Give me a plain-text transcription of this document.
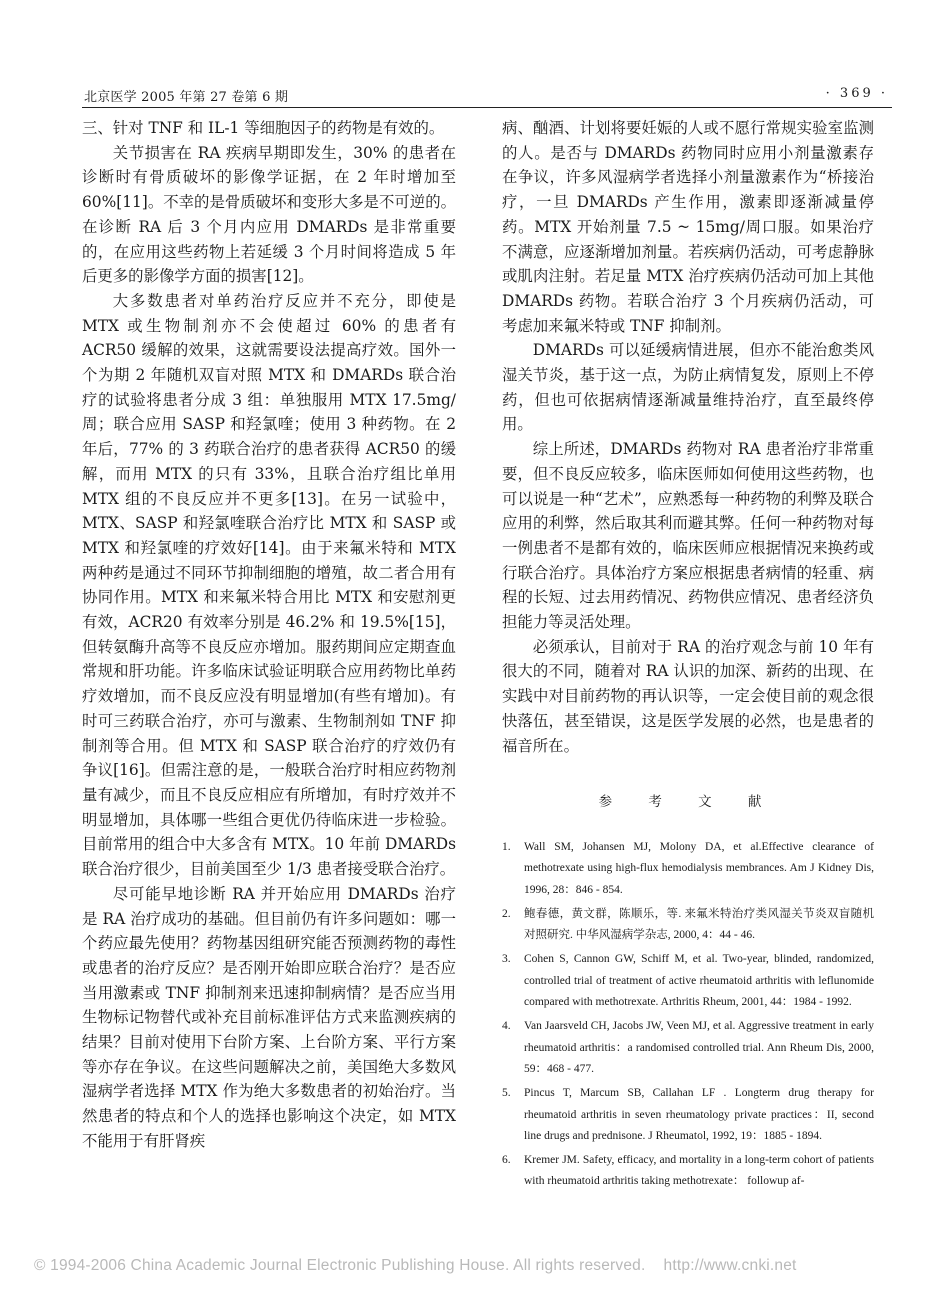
北京医学 2005 年第 27 卷第 6 期	· 369 ·

三、针对 TNF 和 IL-1 等细胞因子的药物是有效的。

关节损害在 RA 疾病早期即发生，30% 的患者在诊断时有骨质破坏的影像学证据，在 2 年时增加至 60%[11]。不幸的是骨质破坏和变形大多是不可逆的。在诊断 RA 后 3 个月内应用 DMARDs 是非常重要的，在应用这些药物上若延缓 3 个月时间将造成 5 年后更多的影像学方面的损害[12]。

大多数患者对单药治疗反应并不充分，即使是 MTX 或生物制剂亦不会使超过 60% 的患者有 ACR50 缓解的效果，这就需要设法提高疗效。国外一个为期 2 年随机双盲对照 MTX 和 DMARDs 联合治疗的试验将患者分成 3 组：单独服用 MTX 17.5mg/周；联合应用 SASP 和羟氯喹；使用 3 种药物。在 2 年后，77% 的 3 药联合治疗的患者获得 ACR50 的缓解，而用 MTX 的只有 33%，且联合治疗组比单用 MTX 组的不良反应并不更多[13]。在另一试验中，MTX、SASP 和羟氯喹联合治疗比 MTX 和 SASP 或 MTX 和羟氯喹的疗效好[14]。由于来氟米特和 MTX 两种药是通过不同环节抑制细胞的增殖，故二者合用有协同作用。MTX 和来氟米特合用比 MTX 和安慰剂更有效，ACR20 有效率分别是 46.2% 和 19.5%[15]，但转氨酶升高等不良反应亦增加。服药期间应定期查血常规和肝功能。许多临床试验证明联合应用药物比单药疗效增加，而不良反应没有明显增加(有些有增加)。有时可三药联合治疗，亦可与激素、生物制剂如 TNF 抑制剂等合用。但 MTX 和 SASP 联合治疗的疗效仍有争议[16]。但需注意的是，一般联合治疗时相应药物剂量有减少，而且不良反应相应有所增加，有时疗效并不明显增加，具体哪一些组合更优仍待临床进一步检验。目前常用的组合中大多含有 MTX。10 年前 DMARDs 联合治疗很少，目前美国至少 1/3 患者接受联合治疗。

尽可能早地诊断 RA 并开始应用 DMARDs 治疗是 RA 治疗成功的基础。但目前仍有许多问题如：哪一个药应最先使用？药物基因组研究能否预测药物的毒性或患者的治疗反应？是否刚开始即应联合治疗？是否应当用激素或 TNF 抑制剂来迅速抑制病情？是否应当用生物标记物替代或补充目前标准评估方式来监测疾病的结果？目前对使用下台阶方案、上台阶方案、平行方案等亦存在争议。在这些问题解决之前，美国绝大多数风湿病学者选择 MTX 作为绝大多数患者的初始治疗。当然患者的特点和个人的选择也影响这个决定，如 MTX 不能用于有肝肾疾

病、酗酒、计划将要妊娠的人或不愿行常规实验室监测的人。是否与 DMARDs 药物同时应用小剂量激素存在争议，许多风湿病学者选择小剂量激素作为“桥接治疗，一旦 DMARDs 产生作用，激素即逐渐减量停药。MTX 开始剂量 7.5 ~ 15mg/周口服。如果治疗不满意，应逐渐增加剂量。若疾病仍活动，可考虑静脉或肌肉注射。若足量 MTX 治疗疾病仍活动可加上其他 DMARDs 药物。若联合治疗 3 个月疾病仍活动，可考虑加来氟米特或 TNF 抑制剂。

DMARDs 可以延缓病情进展，但亦不能治愈类风湿关节炎，基于这一点，为防止病情复发，原则上不停药，但也可依据病情逐渐减量维持治疗，直至最终停用。

综上所述，DMARDs 药物对 RA 患者治疗非常重要，但不良反应较多，临床医师如何使用这些药物，也可以说是一种“艺术”，应熟悉每一种药物的利弊及联合应用的利弊，然后取其利而避其弊。任何一种药物对每一例患者不是都有效的，临床医师应根据情况来换药或行联合治疗。具体治疗方案应根据患者病情的轻重、病程的长短、过去用药情况、药物供应情况、患者经济负担能力等灵活处理。

必须承认，目前对于 RA 的治疗观念与前 10 年有很大的不同，随着对 RA 认识的加深、新药的出现、在实践中对目前药物的再认识等，一定会使目前的观念很快落伍，甚至错误，这是医学发展的必然，也是患者的福音所在。

参 考 文 献
1. Wall SM, Johansen MJ, Molony DA, et al.Effective clearance of methotrexate using high-flux hemodialysis membrances. Am J Kidney Dis, 1996, 28：846 - 854.
2. 鲍春德，黄文群，陈顺乐，等. 来氟米特治疗类风湿关节炎双盲随机对照研究. 中华风湿病学杂志, 2000, 4：44 - 46.
3. Cohen S, Cannon GW, Schiff M, et al. Two-year, blinded, randomized, controlled trial of treatment of active rheumatoid arthritis with leflunomide compared with methotrexate. Arthritis Rheum, 2001, 44：1984 - 1992.
4. Van Jaarsveld CH, Jacobs JW, Veen MJ, et al. Aggressive treatment in early rheumatoid arthritis：a randomised controlled trial. Ann Rheum Dis, 2000, 59：468 - 477.
5. Pincus T, Marcum SB, Callahan LF . Longterm drug therapy for rheumatoid arthritis in seven rheumatology private practices：II, second line drugs and prednisone. J Rheumatol, 1992, 19：1885 - 1894.
6. Kremer JM. Safety, efficacy, and mortality in a long-term cohort of patients with rheumatoid arthritis taking methotrexate： followup af-
© 1994-2006 China Academic Journal Electronic Publishing House. All rights reserved.    http://www.cnki.net
